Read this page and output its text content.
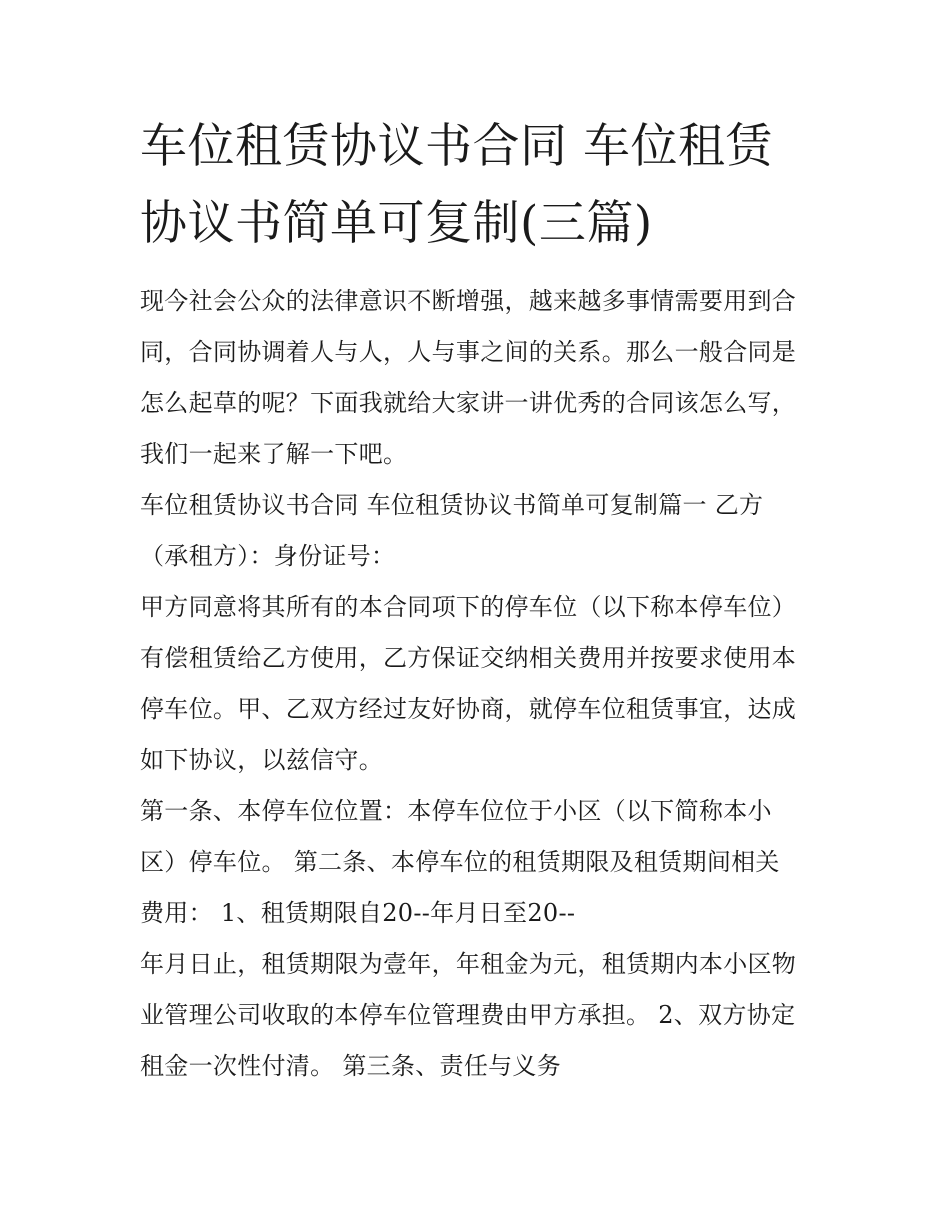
车位租赁协议书合同 车位租赁
协议书简单可复制(三篇)
现今社会公众的法律意识不断增强，越来越多事情需要用到合
同，合同协调着人与人，人与事之间的关系。那么一般合同是
怎么起草的呢？下面我就给大家讲一讲优秀的合同该怎么写，
我们一起来了解一下吧。
车位租赁协议书合同 车位租赁协议书简单可复制篇一 乙方
（承租方）：身份证号：
甲方同意将其所有的本合同项下的停车位（以下称本停车位）
有偿租赁给乙方使用，乙方保证交纳相关费用并按要求使用本
停车位。甲、乙双方经过友好协商，就停车位租赁事宜，达成
如下协议，以兹信守。
第一条、本停车位位置：本停车位位于小区（以下简称本小
区）停车位。 第二条、本停车位的租赁期限及租赁期间相关
费用： 1、租赁期限自20--年月日至20--
年月日止，租赁期限为壹年，年租金为元，租赁期内本小区物
业管理公司收取的本停车位管理费由甲方承担。 2、双方协定
租金一次性付清。 第三条、责任与义务
